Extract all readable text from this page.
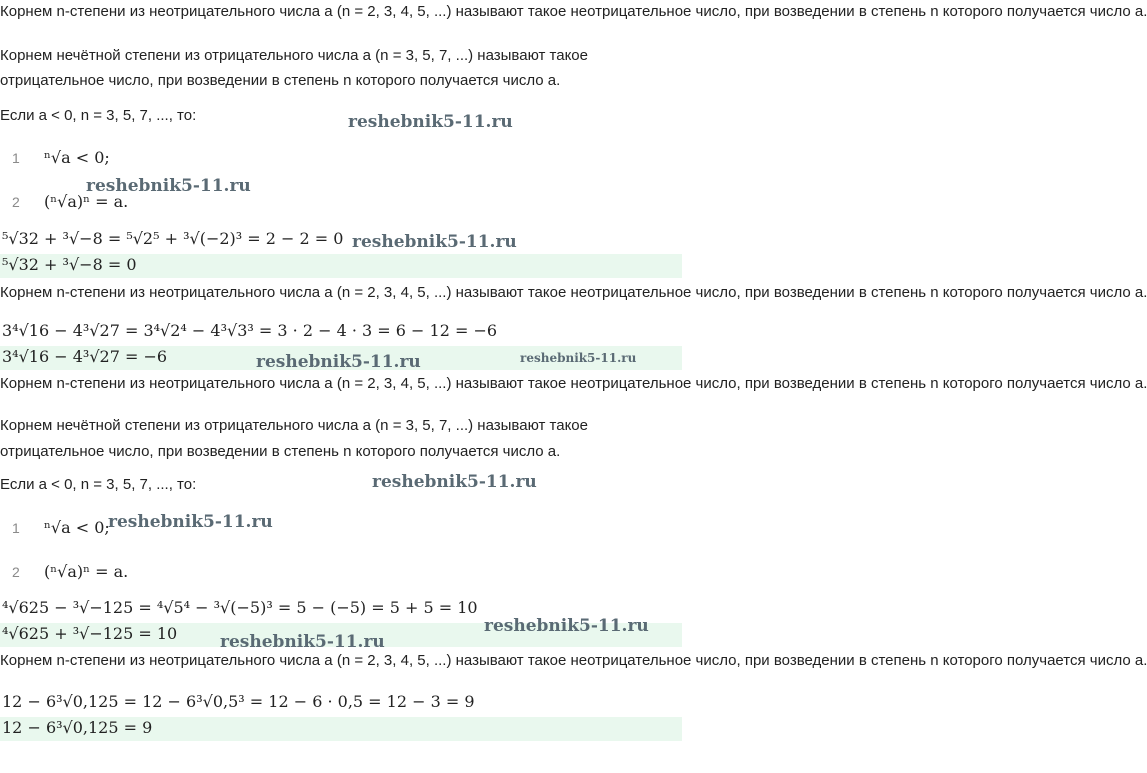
Корнем n-степени из неотрицательного числа a (n = 2, 3, 4, 5, ...) называют такое неотрицательное число, при возведении в степень n которого получается число a.
Корнем нечётной степени из отрицательного числа a (n = 3, 5, 7, ...) называют такое
отрицательное число, при возведении в степень n которого получается число a.
Если a < 0, n = 3, 5, 7, ..., то:
1 ⁿ√a < 0;
2 (ⁿ√a)ⁿ = a.
⁵√32 + ³√−8 = ⁵√2⁵ + ³√(−2)³ = 2 − 2 = 0
⁵√32 + ³√−8 = 0
Корнем n-степени из неотрицательного числа a (n = 2, 3, 4, 5, ...) называют такое неотрицательное число, при возведении в степень n которого получается число a.
3⁴√16 − 4³√27 = 3⁴√2⁴ − 4³√3³ = 3 · 2 − 4 · 3 = 6 − 12 = −6
3⁴√16 − 4³√27 = −6
Корнем n-степени из неотрицательного числа a (n = 2, 3, 4, 5, ...) называют такое неотрицательное число, при возведении в степень n которого получается число a.
Корнем нечётной степени из отрицательного числа a (n = 3, 5, 7, ...) называют такое
отрицательное число, при возведении в степень n которого получается число a.
Если a < 0, n = 3, 5, 7, ..., то:
1 ⁿ√a < 0;
2 (ⁿ√a)ⁿ = a.
⁴√625 − ³√−125 = ⁴√5⁴ − ³√(−5)³ = 5 − (−5) = 5 + 5 = 10
⁴√625 + ³√−125 = 10
Корнем n-степени из неотрицательного числа a (n = 2, 3, 4, 5, ...) называют такое неотрицательное число, при возведении в степень n которого получается число a.
12 − 6³√0,125 = 12 − 6³√0,5³ = 12 − 6 · 0,5 = 12 − 3 = 9
12 − 6³√0,125 = 9
reshebnik5-11.ru
reshebnik5-11.ru
reshebnik5-11.ru
reshebnik5-11.ru	reshebnik5-11.ru
reshebnik5-11.ru
reshebnik5-11.ru
reshebnik5-11.ru
reshebnik5-11.ru
